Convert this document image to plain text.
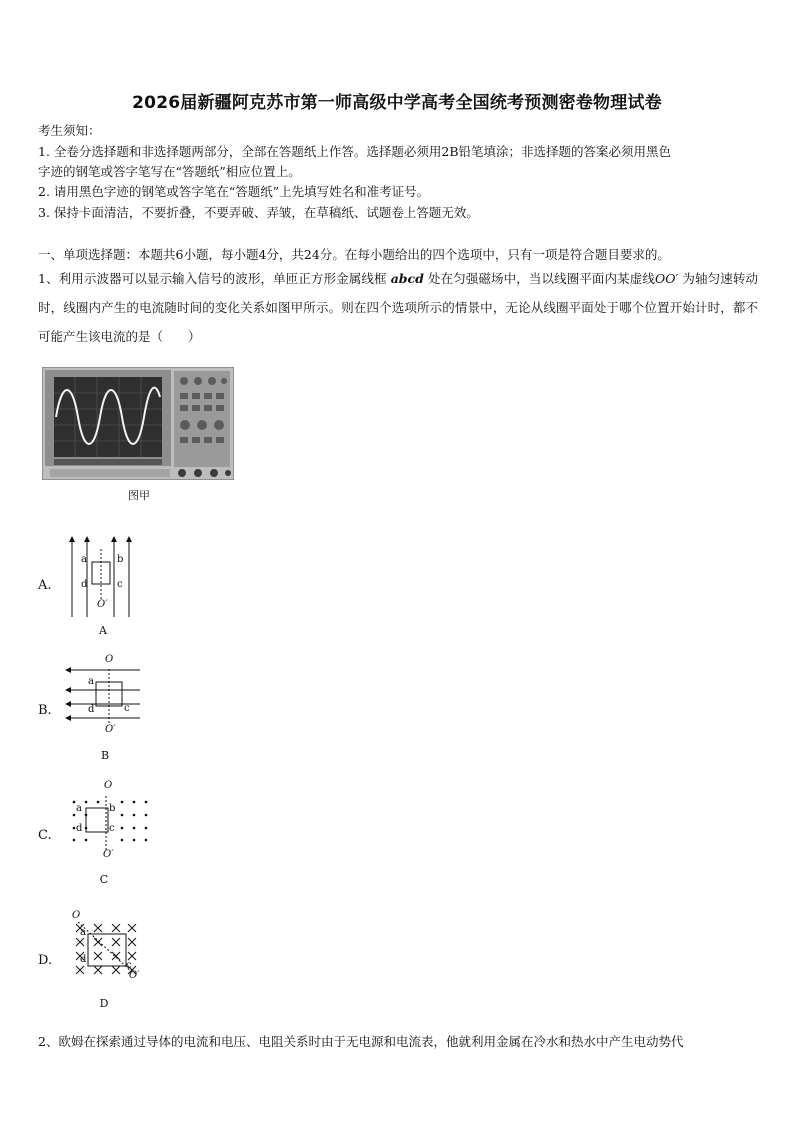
2026届新疆阿克苏市第一师高级中学高考全国统考预测密卷物理试卷
考生须知：
1. 全卷分选择题和非选择题两部分，全部在答题纸上作答。选择题必须用2B铅笔填涂；非选择题的答案必须用黑色
字迹的钢笔或答字笔写在“答题纸”相应位置上。
2. 请用黑色字迹的钢笔或答字笔在“答题纸”上先填写姓名和准考证号。
3. 保持卡面清洁，不要折叠，不要弄破、弄皱，在草稿纸、试题卷上答题无效。
一、单项选择题：本题共6小题，每小题4分，共24分。在每小题给出的四个选项中，只有一项是符合题目要求的。
1、利用示波器可以显示输入信号的波形，单匝正方形金属线框 abcd 处在匀强磁场中，当以线圈平面内某虚线OO′ 为轴匀速转动时，线圈内产生的电流随时间的变化关系如图甲所示。则在四个选项所示的情景中，无论从线圈平面处于哪个位置开始计时，都不可能产生该电流的是（　　）
图甲
A.
a	b
c
d
O′
A
B.
O
a
d	c
O′
B
C.
O
a	b
d	c
O′
C
D.
O
a
d
c
O′
D
2、欧姆在探索通过导体的电流和电压、电阻关系时由于无电源和电流表，他就利用金属在冷水和热水中产生电动势代
